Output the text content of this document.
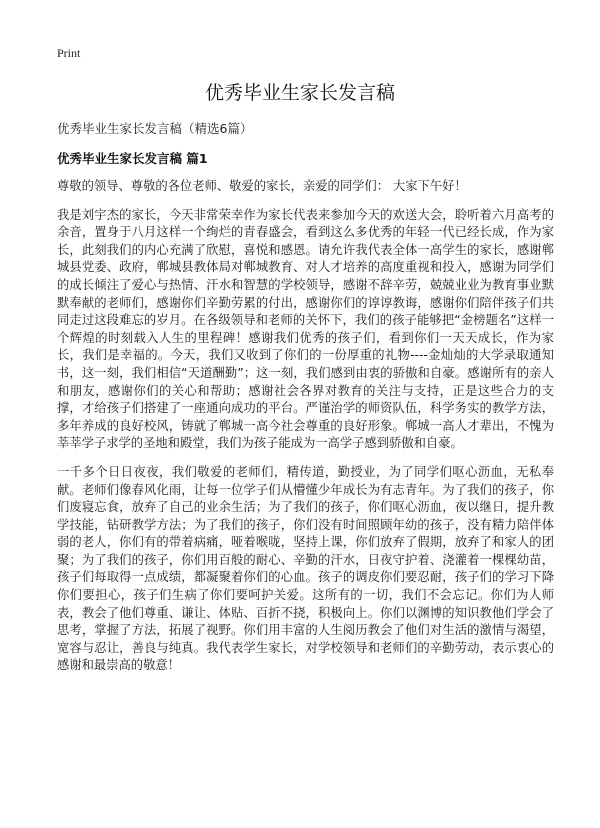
Print
优秀毕业生家长发言稿
优秀毕业生家长发言稿（精选6篇）
优秀毕业生家长发言稿 篇1

尊敬的领导、尊敬的各位老师、敬爱的家长，亲爱的同学们： 大家下午好！

我是刘宇杰的家长，今天非常荣幸作为家长代表来参加今天的欢送大会，聆听着六月高考的余音，置身于八月这样一个绚烂的青春盛会，看到这么多优秀的年轻一代已经长成，作为家长，此刻我们的内心充满了欣慰，喜悦和感恩。请允许我代表全体一高学生的家长，感谢郸城县党委、政府，郸城县教体局对郸城教育、对人才培养的高度重视和投入，感谢为同学们的成长倾注了爱心与热情、汗水和智慧的学校领导，感谢不辞辛劳，兢兢业业为教育事业默默奉献的老师们，感谢你们辛勤劳累的付出，感谢你们的谆谆教诲，感谢你们陪伴孩子们共同走过这段难忘的岁月。在各级领导和老师的关怀下，我们的孩子能够把“金榜题名”这样一个辉煌的时刻载入人生的里程碑！感谢我们优秀的孩子们，看到你们一天天成长，作为家长，我们是幸福的。今天，我们又收到了你们的一份厚重的礼物----金灿灿的大学录取通知书，这一刻，我们相信“天道酬勤”；这一刻，我们感到由衷的骄傲和自豪。感谢所有的亲人和朋友，感谢你们的关心和帮助；感谢社会各界对教育的关注与支持，正是这些合力的支撑，才给孩子们搭建了一座通向成功的平台。严谨治学的师资队伍，科学务实的教学方法，多年养成的良好校风，铸就了郸城一高今社会尊重的良好形象。郸城一高人才辈出，不愧为莘莘学子求学的圣地和殿堂，我们为孩子能成为一高学子感到骄傲和自豪。

一千多个日日夜夜，我们敬爱的老师们，精传道，勤授业，为了同学们呕心沥血，无私奉献。老师们像春风化雨，让每一位学子们从懵懂少年成长为有志青年。为了我们的孩子，你们废寝忘食，放弃了自己的业余生活；为了我们的孩子，你们呕心沥血，夜以继日，提升教学技能，钻研教学方法；为了我们的孩子，你们没有时间照顾年幼的孩子，没有精力陪伴体弱的老人，你们有的带着病痛，哑着喉咙，坚持上课，你们放弃了假期，放弃了和家人的团聚；为了我们的孩子，你们用百般的耐心、辛勤的汗水，日夜守护着、浇灌着一棵棵幼苗，孩子们每取得一点成绩，都凝聚着你们的心血。孩子的调皮你们要忍耐，孩子们的学习下降你们要担心，孩子们生病了你们要呵护关爱。这所有的一切，我们不会忘记。你们为人师表，教会了他们尊重、谦让、体贴、百折不挠，积极向上。你们以渊博的知识教他们学会了思考，掌握了方法，拓展了视野。你们用丰富的人生阅历教会了他们对生活的激情与渴望，宽容与忍让，善良与纯真。我代表学生家长，对学校领导和老师们的辛勤劳动，表示衷心的感谢和最崇高的敬意！
